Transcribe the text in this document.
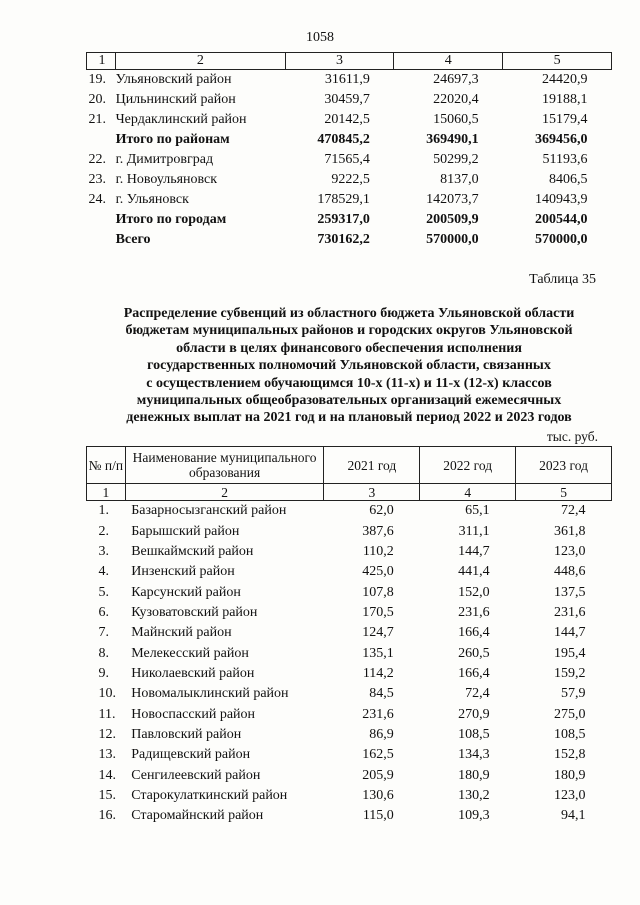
1058
1	2	3	4	5
19.	Ульяновский район	31611,9	24697,3	24420,9
20.	Цильнинский район	30459,7	22020,4	19188,1
21.	Чердаклинский район	20142,5	15060,5	15179,4
	Итого по районам	470845,2	369490,1	369456,0
22.	г. Димитровград	71565,4	50299,2	51193,6
23.	г. Новоульяновск	9222,5	8137,0	8406,5
24.	г. Ульяновск	178529,1	142073,7	140943,9
	Итого по городам	259317,0	200509,9	200544,0
	Всего	730162,2	570000,0	570000,0
Таблица 35
Распределение субвенций из областного бюджета Ульяновской области
бюджетам муниципальных районов и городских округов Ульяновской
области в целях финансового обеспечения исполнения
государственных полномочий Ульяновской области, связанных
с осуществлением обучающимся 10-х (11-х) и 11-х (12-х) классов
муниципальных общеобразовательных организаций ежемесячных
денежных выплат на 2021 год и на плановый период 2022 и 2023 годов
тыс. руб.
№ п/п	Наименование муниципального образования	2021 год	2022 год	2023 год
1	2	3	4	5
1.	Базарносызганский район	62,0	65,1	72,4
2.	Барышский район	387,6	311,1	361,8
3.	Вешкаймский район	110,2	144,7	123,0
4.	Инзенский район	425,0	441,4	448,6
5.	Карсунский район	107,8	152,0	137,5
6.	Кузоватовский район	170,5	231,6	231,6
7.	Майнский район	124,7	166,4	144,7
8.	Мелекесский район	135,1	260,5	195,4
9.	Николаевский район	114,2	166,4	159,2
10.	Новомалыклинский район	84,5	72,4	57,9
11.	Новоспасский район	231,6	270,9	275,0
12.	Павловский район	86,9	108,5	108,5
13.	Радищевский район	162,5	134,3	152,8
14.	Сенгилеевский район	205,9	180,9	180,9
15.	Старокулаткинский район	130,6	130,2	123,0
16.	Старомайнский район	115,0	109,3	94,1
